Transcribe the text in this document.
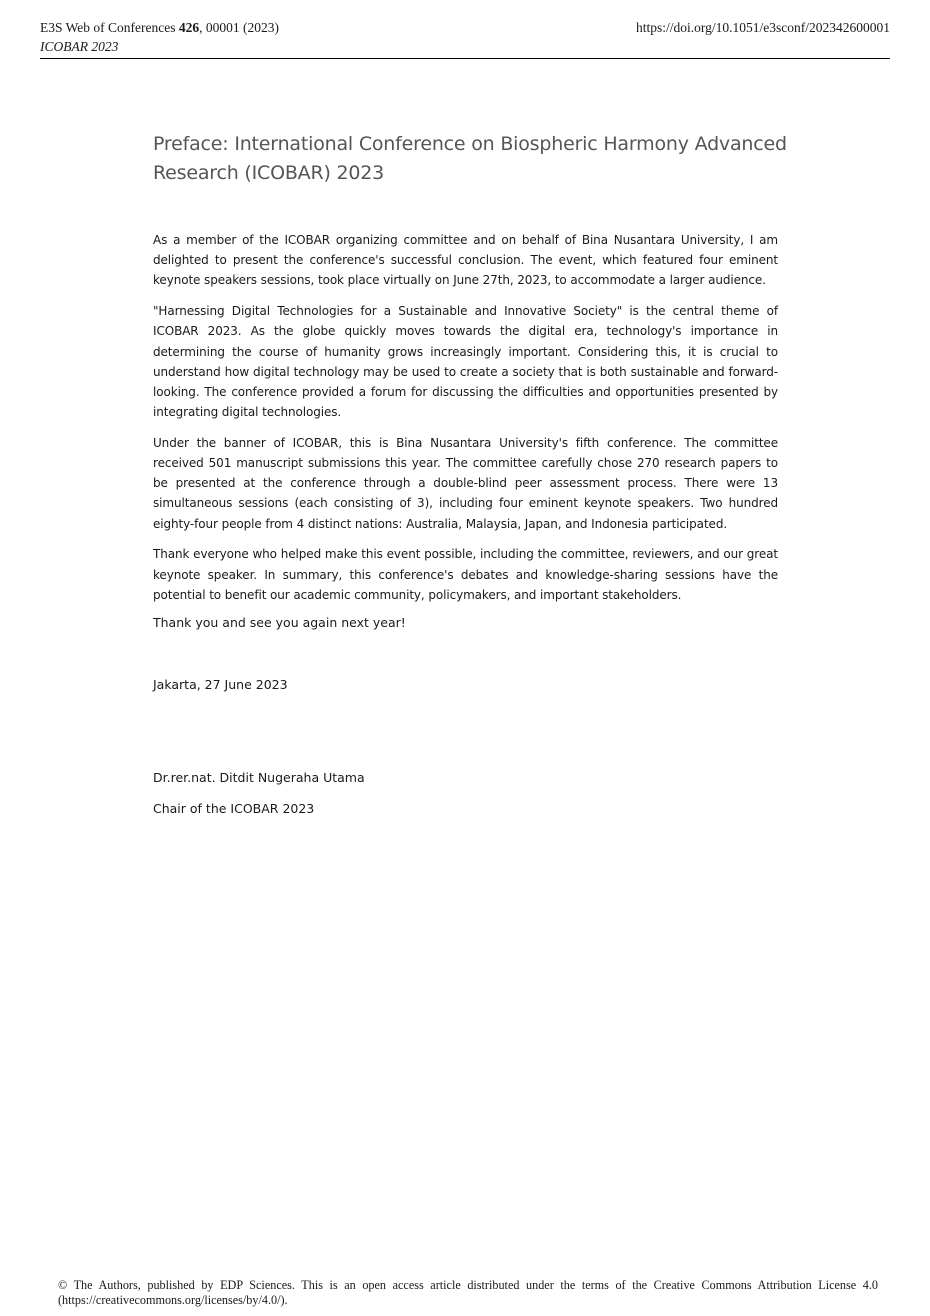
E3S Web of Conferences 426, 00001 (2023)
ICOBAR 2023
https://doi.org/10.1051/e3sconf/202342600001
Preface: International Conference on Biospheric Harmony Advanced Research (ICOBAR) 2023

As a member of the ICOBAR organizing committee and on behalf of Bina Nusantara University, I am delighted to present the conference's successful conclusion. The event, which featured four eminent keynote speakers sessions, took place virtually on June 27th, 2023, to accommodate a larger audience.

"Harnessing Digital Technologies for a Sustainable and Innovative Society" is the central theme of ICOBAR 2023. As the globe quickly moves towards the digital era, technology's importance in determining the course of humanity grows increasingly important. Considering this, it is crucial to understand how digital technology may be used to create a society that is both sustainable and forward-looking. The conference provided a forum for discussing the difficulties and opportunities presented by integrating digital technologies.

Under the banner of ICOBAR, this is Bina Nusantara University's fifth conference. The committee received 501 manuscript submissions this year. The committee carefully chose 270 research papers to be presented at the conference through a double-blind peer assessment process. There were 13 simultaneous sessions (each consisting of 3), including four eminent keynote speakers. Two hundred eighty-four people from 4 distinct nations: Australia, Malaysia, Japan, and Indonesia participated.

Thank everyone who helped make this event possible, including the committee, reviewers, and our great keynote speaker. In summary, this conference's debates and knowledge-sharing sessions have the potential to benefit our academic community, policymakers, and important stakeholders.

Thank you and see you again next year!

Jakarta, 27 June 2023

Dr.rer.nat. Ditdit Nugeraha Utama

Chair of the ICOBAR 2023

© The Authors, published by EDP Sciences. This is an open access article distributed under the terms of the Creative Commons Attribution License 4.0 (https://creativecommons.org/licenses/by/4.0/).
